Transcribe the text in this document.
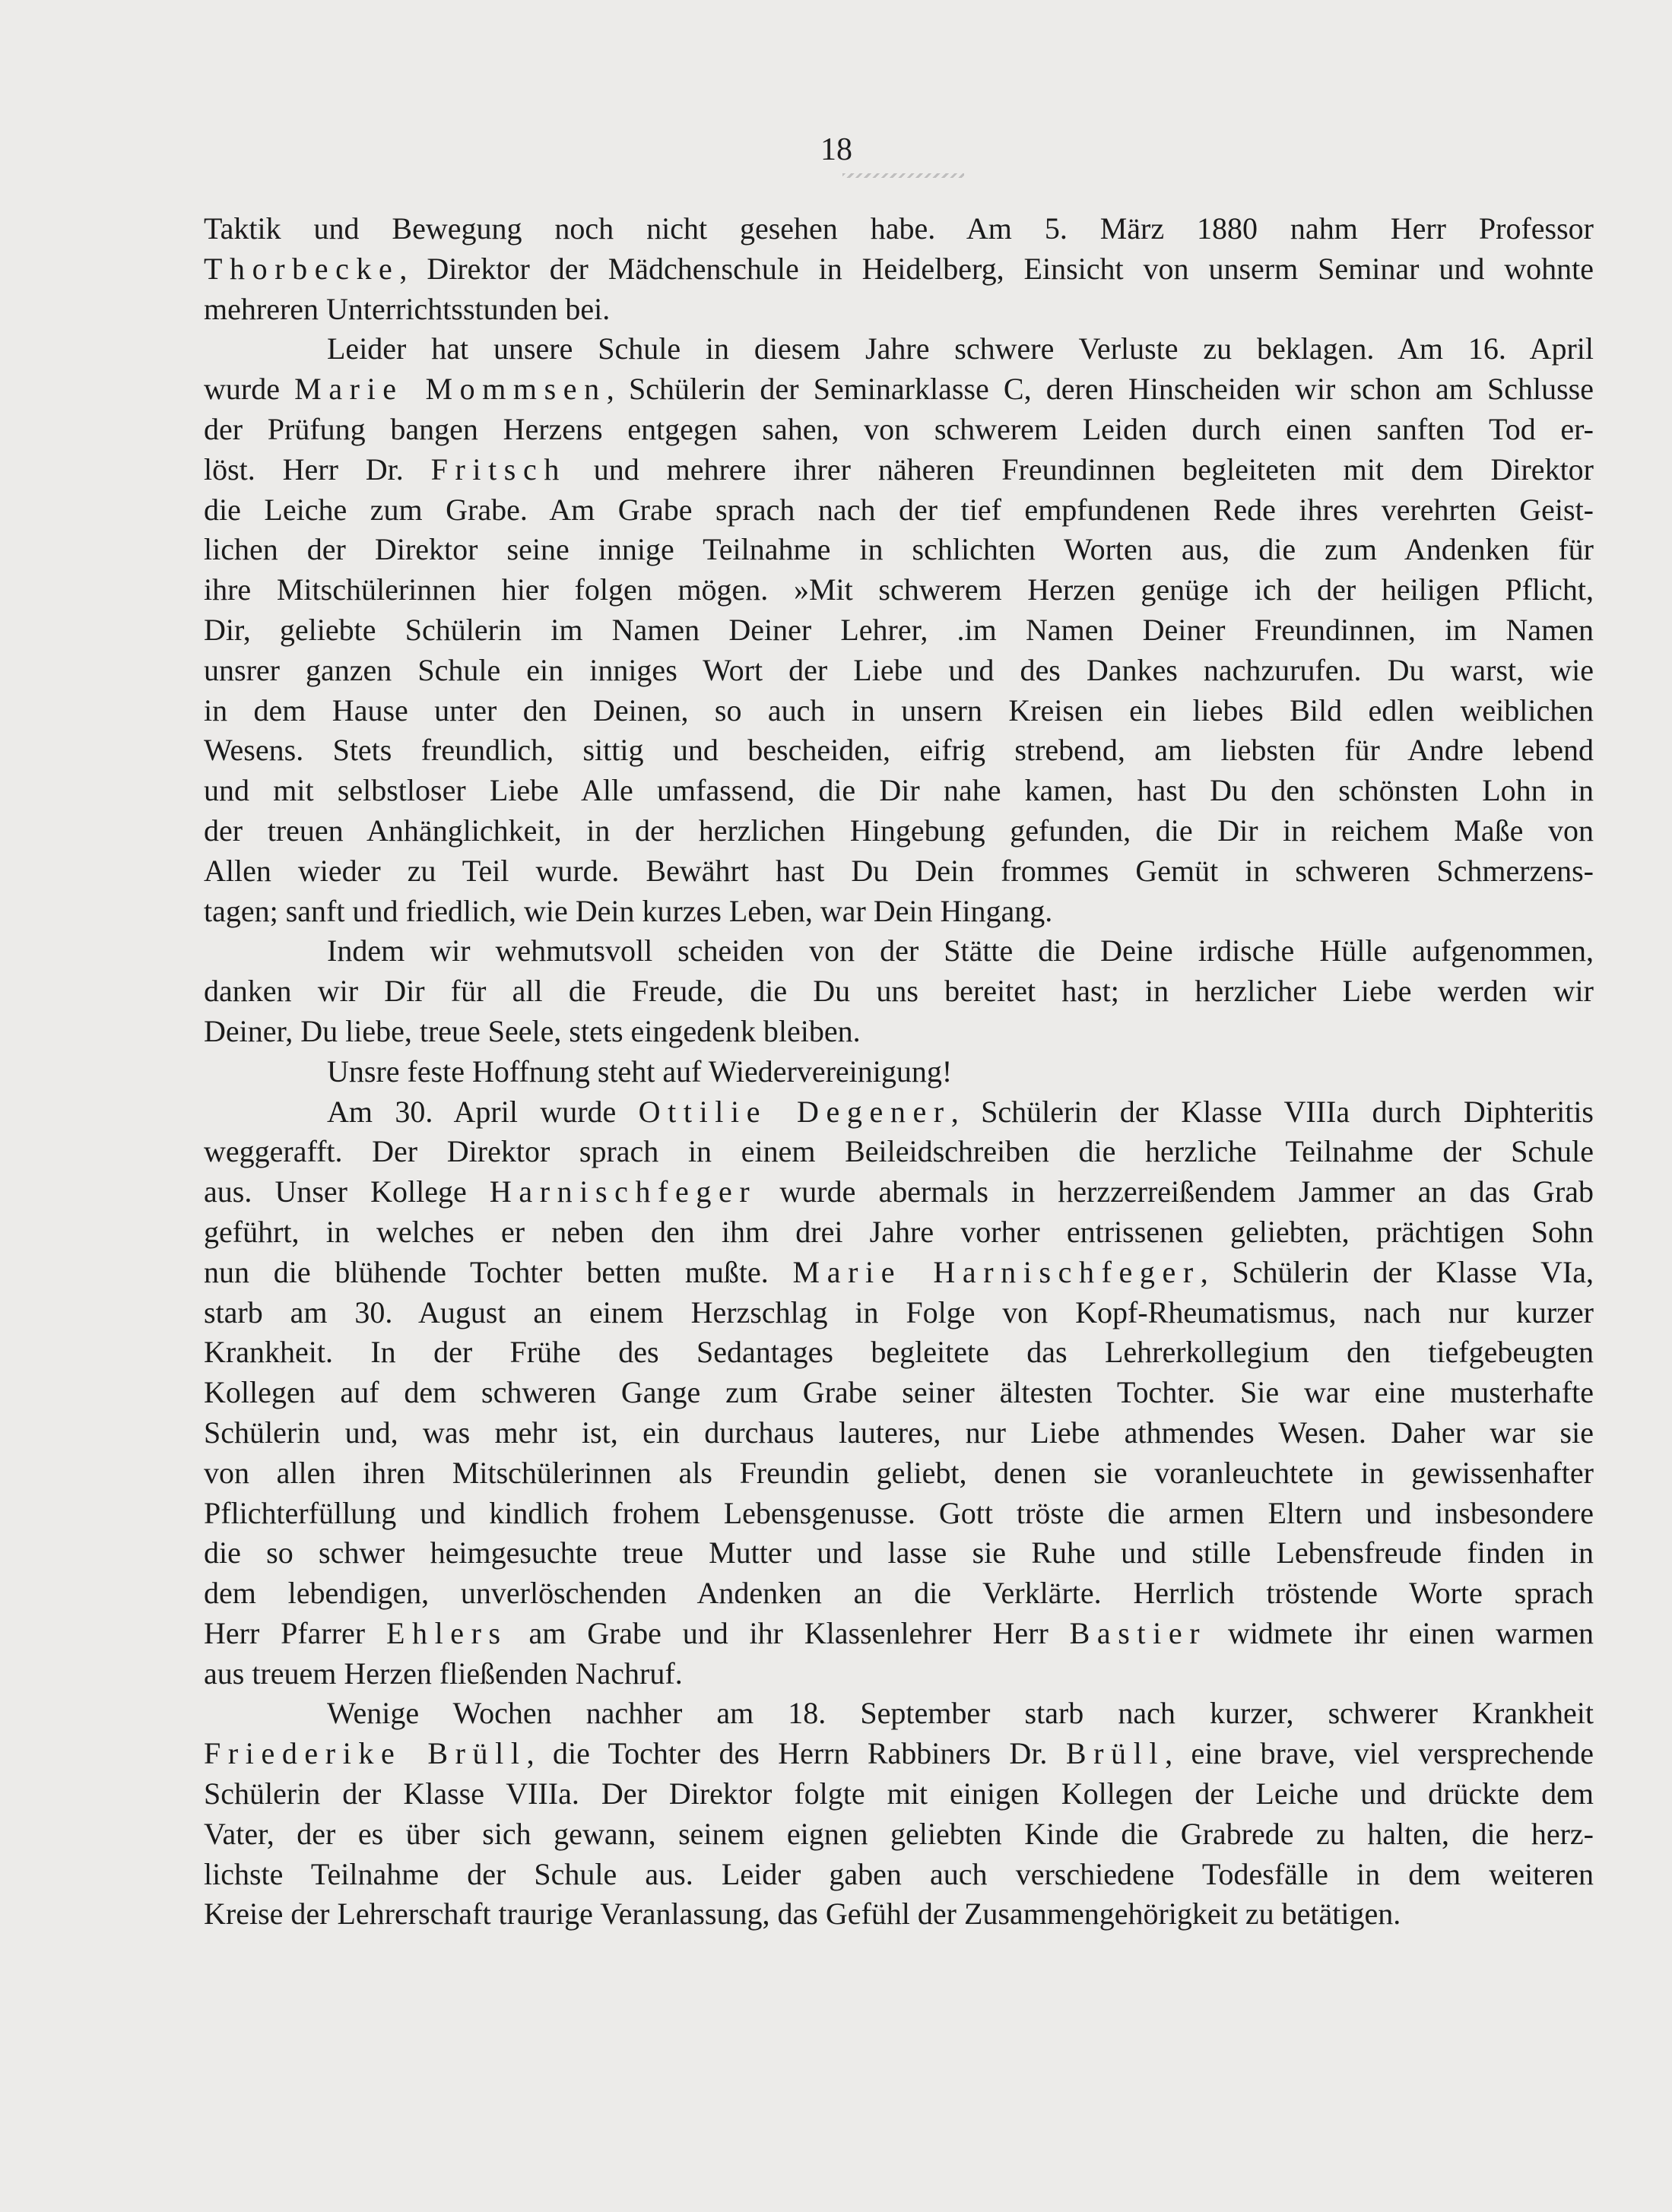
18

Taktik und Bewegung noch nicht gesehen habe. Am 5. März 1880 nahm Herr Professor

Thorbecke, Direktor der Mädchenschule in Heidelberg, Einsicht von unserm Seminar und wohnte

mehreren Unterrichtsstunden bei.

Leider hat unsere Schule in diesem Jahre schwere Verluste zu beklagen. Am 16. April

wurde Marie Mommsen, Schülerin der Seminarklasse C, deren Hinscheiden wir schon am Schlusse

der Prüfung bangen Herzens entgegen sahen, von schwerem Leiden durch einen sanften Tod er-

löst. Herr Dr. Fritsch und mehrere ihrer näheren Freundinnen begleiteten mit dem Direktor

die Leiche zum Grabe. Am Grabe sprach nach der tief empfundenen Rede ihres verehrten Geist-

lichen der Direktor seine innige Teilnahme in schlichten Worten aus, die zum Andenken für

ihre Mitschülerinnen hier folgen mögen. »Mit schwerem Herzen genüge ich der heiligen Pflicht,

Dir, geliebte Schülerin im Namen Deiner Lehrer, .im Namen Deiner Freundinnen, im Namen

unsrer ganzen Schule ein inniges Wort der Liebe und des Dankes nachzurufen. Du warst, wie

in dem Hause unter den Deinen, so auch in unsern Kreisen ein liebes Bild edlen weiblichen

Wesens. Stets freundlich, sittig und bescheiden, eifrig strebend, am liebsten für Andre lebend

und mit selbstloser Liebe Alle umfassend, die Dir nahe kamen, hast Du den schönsten Lohn in

der treuen Anhänglichkeit, in der herzlichen Hingebung gefunden, die Dir in reichem Maße von

Allen wieder zu Teil wurde. Bewährt hast Du Dein frommes Gemüt in schweren Schmerzens-

tagen; sanft und friedlich, wie Dein kurzes Leben, war Dein Hingang.

Indem wir wehmutsvoll scheiden von der Stätte die Deine irdische Hülle aufgenommen,

danken wir Dir für all die Freude, die Du uns bereitet hast; in herzlicher Liebe werden wir

Deiner, Du liebe, treue Seele, stets eingedenk bleiben.

Unsre feste Hoffnung steht auf Wiedervereinigung!

Am 30. April wurde Ottilie Degener, Schülerin der Klasse VIIIa durch Diphteritis

weggerafft. Der Direktor sprach in einem Beileidschreiben die herzliche Teilnahme der Schule

aus. Unser Kollege Harnischfeger wurde abermals in herzzerreißendem Jammer an das Grab

geführt, in welches er neben den ihm drei Jahre vorher entrissenen geliebten, prächtigen Sohn

nun die blühende Tochter betten mußte. Marie Harnischfeger, Schülerin der Klasse VIa,

starb am 30. August an einem Herzschlag in Folge von Kopf-Rheumatismus, nach nur kurzer

Krankheit. In der Frühe des Sedantages begleitete das Lehrerkollegium den tiefgebeugten

Kollegen auf dem schweren Gange zum Grabe seiner ältesten Tochter. Sie war eine musterhafte

Schülerin und, was mehr ist, ein durchaus lauteres, nur Liebe athmendes Wesen. Daher war sie

von allen ihren Mitschülerinnen als Freundin geliebt, denen sie voranleuchtete in gewissenhafter

Pflichterfüllung und kindlich frohem Lebensgenusse. Gott tröste die armen Eltern und insbesondere

die so schwer heimgesuchte treue Mutter und lasse sie Ruhe und stille Lebensfreude finden in

dem lebendigen, unverlöschenden Andenken an die Verklärte. Herrlich tröstende Worte sprach

Herr Pfarrer Ehlers am Grabe und ihr Klassenlehrer Herr Bastier widmete ihr einen warmen

aus treuem Herzen fließenden Nachruf.

Wenige Wochen nachher am 18. September starb nach kurzer, schwerer Krankheit

Friederike Brüll, die Tochter des Herrn Rabbiners Dr. Brüll, eine brave, viel versprechende

Schülerin der Klasse VIIIa. Der Direktor folgte mit einigen Kollegen der Leiche und drückte dem

Vater, der es über sich gewann, seinem eignen geliebten Kinde die Grabrede zu halten, die herz-

lichste Teilnahme der Schule aus. Leider gaben auch verschiedene Todesfälle in dem weiteren

Kreise der Lehrerschaft traurige Veranlassung, das Gefühl der Zusammengehörigkeit zu betätigen.
